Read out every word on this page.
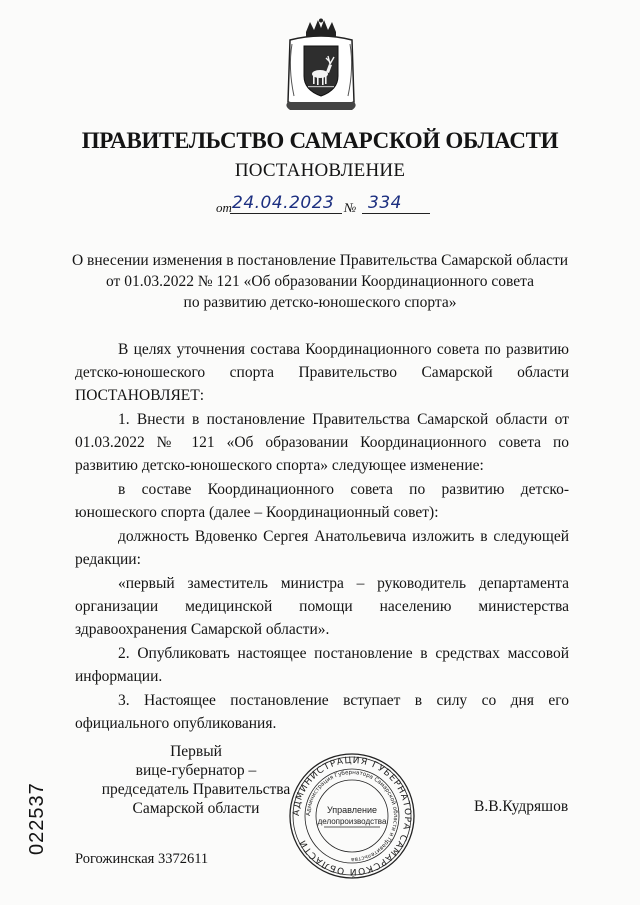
ПРАВИТЕЛЬСТВО САМАРСКОЙ ОБЛАСТИ
ПОСТАНОВЛЕНИЕ
от 24.04.2023 № 334
О внесении изменения в постановление Правительства Самарской области
от 01.03.2022 № 121 «Об образовании Координационного совета
по развитию детско-юношеского спорта»

В целях уточнения состава Координационного совета по развитию

детско-юношеского спорта Правительство Самарской области

ПОСТАНОВЛЯЕТ:

1. Внести в постановление Правительства Самарской области от 01.03.2022 № 121 «Об образовании Координационного совета по развитию детско-юношеского спорта» следующее изменение:

в составе Координационного совета по развитию детско-юношеского спорта (далее – Координационный совет):

должность Вдовенко Сергея Анатольевича изложить в следующей редакции:

«первый заместитель министра – руководитель департамента организации медицинской помощи населению министерства здравоохранения Самарской области».

2. Опубликовать настоящее постановление в средствах массовой информации.

3. Настоящее постановление вступает в силу со дня его официального опубликования.

Первый
вице-губернатор –
председатель Правительства
Самарской области	АДМИНИСТРАЦИЯ ГУБЕРНАТОРА САМАРСКОЙ ОБЛАСТИ
Администрация Губернатора Самарской области и Правительства
Управление
делопроизводства
В.В.Кудряшов
022537
Рогожинская 3372611
